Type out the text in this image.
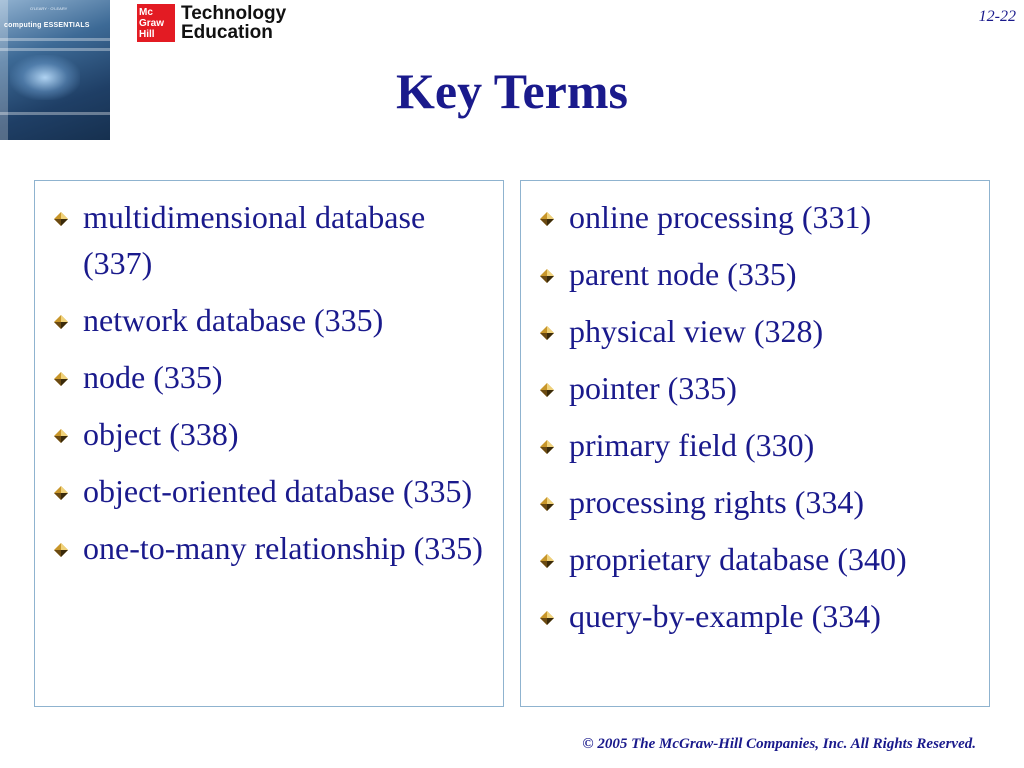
O'LEARY · O'LEARY
computing ESSENTIALS
Mc
Graw
Hill
Technology
Education
12-22
Key Terms
multidimensional database (337)
network database (335)
node (335)
object (338)
object-oriented database (335)
one-to-many relationship (335)
online processing (331)
parent node (335)
physical view (328)
pointer (335)
primary field (330)
processing rights (334)
proprietary database (340)
query-by-example (334)
© 2005 The McGraw-Hill Companies, Inc. All Rights Reserved.
